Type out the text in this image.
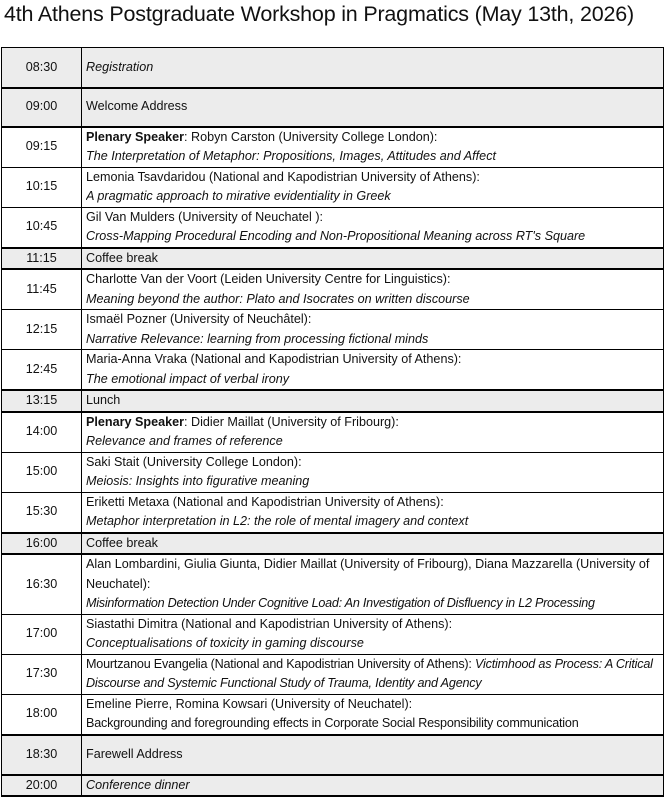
4th Athens Postgraduate Workshop in Pragmatics (May 13th, 2026)
08:30	Registration
09:00	Welcome Address
09:15	Plenary Speaker: Robyn Carston (University College London):
The Interpretation of Metaphor: Propositions, Images, Attitudes and Affect

10:15	Lemonia Tsavdaridou (National and Kapodistrian University of Athens):
A pragmatic approach to mirative evidentiality in Greek

10:45	Gil Van Mulders (University of Neuchatel ):
Cross-Mapping Procedural Encoding and Non-Propositional Meaning across RT's Square

11:15	Coffee break
11:45	Charlotte Van der Voort (Leiden University Centre for Linguistics):
Meaning beyond the author: Plato and Isocrates on written discourse

12:15	Ismaël Pozner (University of Neuchâtel):
Narrative Relevance: learning from processing fictional minds

12:45	Maria-Anna Vraka (National and Kapodistrian University of Athens):
The emotional impact of verbal irony

13:15	Lunch
14:00	Plenary Speaker: Didier Maillat (University of Fribourg):
Relevance and frames of reference

15:00	Saki Stait (University College London):
Meiosis: Insights into figurative meaning

15:30	Eriketti Metaxa (National and Kapodistrian University of Athens):
Metaphor interpretation in L2: the role of mental imagery and context

16:00	Coffee break
16:30	Alan Lombardini, Giulia Giunta, Didier Maillat (University of Fribourg), Diana Mazzarella (University of Neuchatel):
Misinformation Detection Under Cognitive Load: An Investigation of Disfluency in L2 Processing

17:00	Siastathi Dimitra (National and Kapodistrian University of Athens):
Conceptualisations of toxicity in gaming discourse

17:30	Mourtzanou Evangelia (National and Kapodistrian University of Athens): Victimhood as Process: A Critical Discourse and Systemic Functional Study of Trauma, Identity and Agency

18:00	Emeline Pierre, Romina Kowsari (University of Neuchatel):
Backgrounding and foregrounding effects in Corporate Social Responsibility communication

18:30	Farewell Address
20:00	Conference dinner
